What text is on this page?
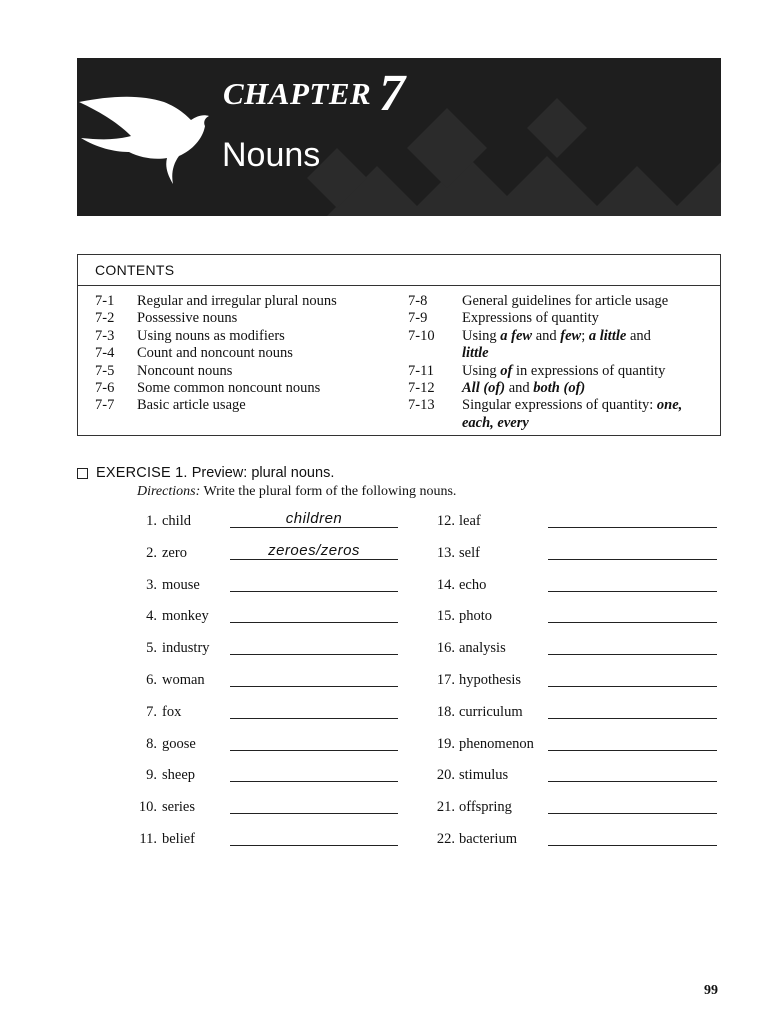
CHAPTER 7
Nouns
CONTENTS
7-1	Regular and irregular plural nouns
7-2	Possessive nouns
7-3	Using nouns as modifiers
7-4	Count and noncount nouns
7-5	Noncount nouns
7-6	Some common noncount nouns
7-7	Basic article usage
7-8	General guidelines for article usage
7-9	Expressions of quantity
7-10	Using a few and few; a little and
little
7-11	Using of in expressions of quantity
7-12	All (of) and both (of)
7-13	Singular expressions of quantity: one,
each, every
EXERCISE 1.
Preview: plural nouns.
Directions: Write the plural form of the following nouns.
1. child	children
2. zero	zeroes/zeros
3. mouse
4. monkey
5. industry
6. woman
7. fox
8. goose
9. sheep
10. series
11. belief
12. leaf
13. self
14. echo
15. photo
16. analysis
17. hypothesis
18. curriculum
19. phenomenon
20. stimulus
21. offspring
22. bacterium
99
